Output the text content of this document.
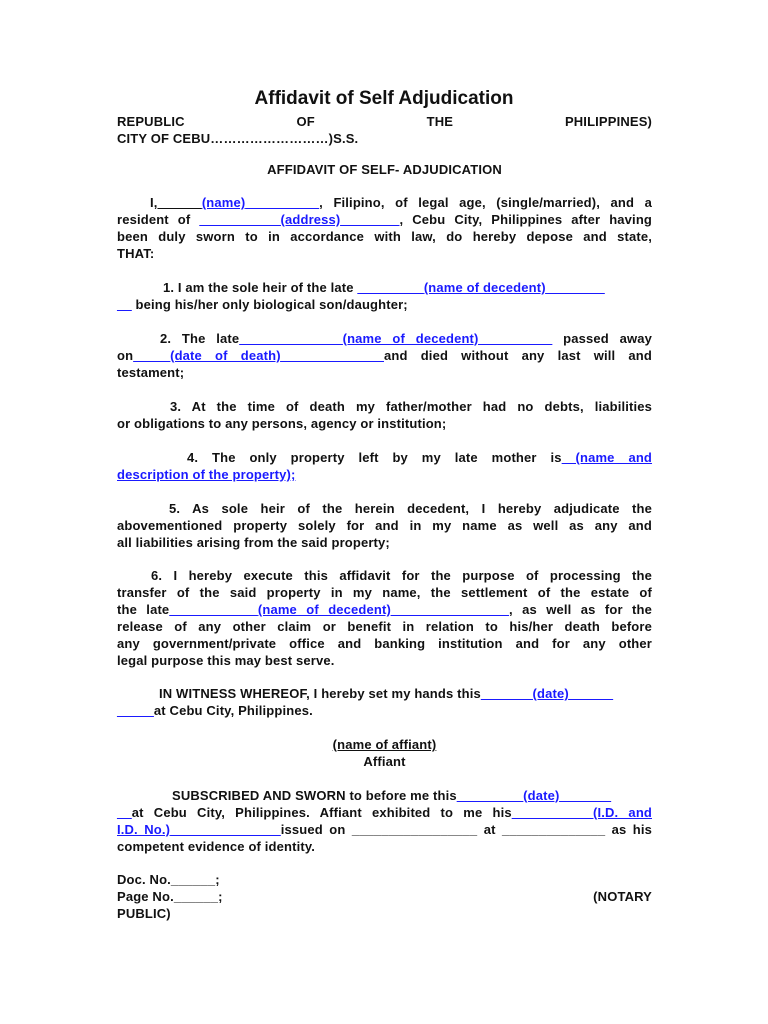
Affidavit of Self Adjudication
REPUBLIC	OF	THE	PHILIPPINES)
CITY OF CEBU………………………)S.S.
AFFIDAVIT OF SELF- ADJUDICATION
I,______(name)__________, Filipino, of legal age, (single/married), and a
resident of ___________(address)________, Cebu City, Philippines after having
been duly sworn to in accordance with law, do hereby depose and state,
THAT:
1. I am the sole heir of the late _________(name of decedent)________
__ being his/her only biological son/daughter;
2. The late______________(name of decedent)__________ passed away
on_____(date of death)______________and died without any last will and
testament;
3. At the time of death my father/mother had no debts, liabilities
or obligations to any persons, agency or institution;
4. The only property left by my late mother is (name and
description of the property);
5. As sole heir of the herein decedent, I hereby adjudicate the
abovementioned property solely for and in my name as well as any and
all liabilities arising from the said property;
6. I hereby execute this affidavit for the purpose of processing the
transfer of the said property in my name, the settlement of the estate of
the late____________(name of decedent)________________, as well as for the
release of any other claim or benefit in relation to his/her death before
any government/private office and banking institution and for any other
legal purpose this may best serve.
IN WITNESS WHEREOF, I hereby set my hands this_______(date)______
_____at Cebu City, Philippines.
(name of affiant)
Affiant
SUBSCRIBED AND SWORN to before me this_________(date)_______
__at Cebu City, Philippines. Affiant exhibited to me his___________(I.D. and
I.D. No.)_______________issued on _________________ at ______________ as his
competent evidence of identity.
Doc. No.______;
Page No.______;	(NOTARY
PUBLIC)
